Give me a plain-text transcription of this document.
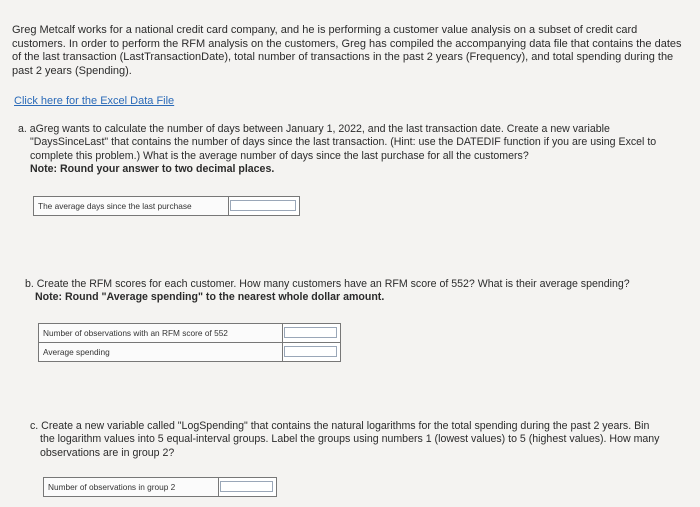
Greg Metcalf works for a national credit card company, and he is performing a customer value analysis on a subset of credit card customers. In order to perform the RFM analysis on the customers, Greg has compiled the accompanying data file that contains the dates of the last transaction (LastTransactionDate), total number of transactions in the past 2 years (Frequency), and total spending during the past 2 years (Spending).
Click here for the Excel Data File
a. aGreg wants to calculate the number of days between January 1, 2022, and the last transaction date. Create a new variable
"DaysSinceLast" that contains the number of days since the last transaction. (Hint: use the DATEDIF function if you are using Excel to complete this problem.) What is the average number of days since the last purchase for all the customers?
Note: Round your answer to two decimal places.
The average days since the last purchase	
b. Create the RFM scores for each customer. How many customers have an RFM score of 552? What is their average spending?
Note: Round "Average spending" to the nearest whole dollar amount.
Number of observations with an RFM score of 552	
Average spending	
c. Create a new variable called "LogSpending" that contains the natural logarithms for the total spending during the past 2 years. Bin
the logarithm values into 5 equal-interval groups. Label the groups using numbers 1 (lowest values) to 5 (highest values). How many observations are in group 2?
Number of observations in group 2	
